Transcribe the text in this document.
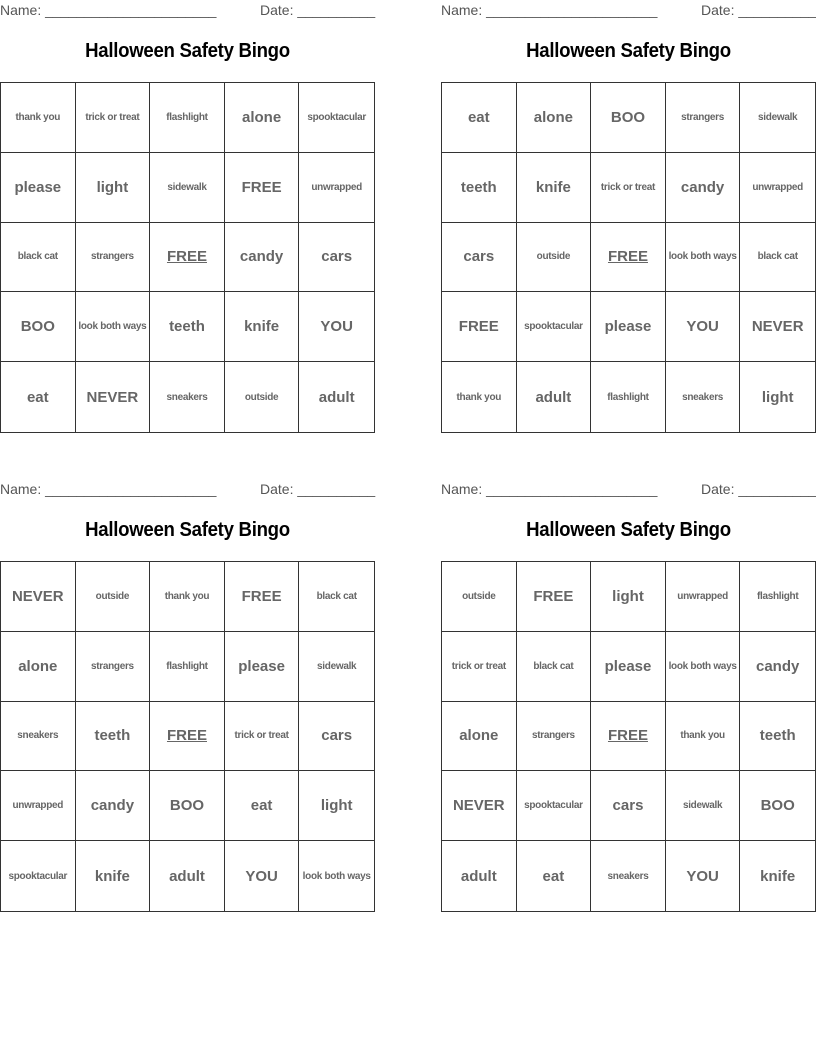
Name: ______________________	Date: __________
Halloween Safety Bingo
thank you	trick or treat	flashlight	alone	spooktacular
please	light	sidewalk	FREE	unwrapped
black cat	strangers	FREE	candy	cars
BOO	look both ways	teeth	knife	YOU
eat	NEVER	sneakers	outside	adult
Name: ______________________	Date: __________
Halloween Safety Bingo
eat	alone	BOO	strangers	sidewalk
teeth	knife	trick or treat	candy	unwrapped
cars	outside	FREE	look both ways	black cat
FREE	spooktacular	please	YOU	NEVER
thank you	adult	flashlight	sneakers	light
Name: ______________________	Date: __________
Halloween Safety Bingo
NEVER	outside	thank you	FREE	black cat
alone	strangers	flashlight	please	sidewalk
sneakers	teeth	FREE	trick or treat	cars
unwrapped	candy	BOO	eat	light
spooktacular	knife	adult	YOU	look both ways
Name: ______________________	Date: __________
Halloween Safety Bingo
outside	FREE	light	unwrapped	flashlight
trick or treat	black cat	please	look both ways	candy
alone	strangers	FREE	thank you	teeth
NEVER	spooktacular	cars	sidewalk	BOO
adult	eat	sneakers	YOU	knife
